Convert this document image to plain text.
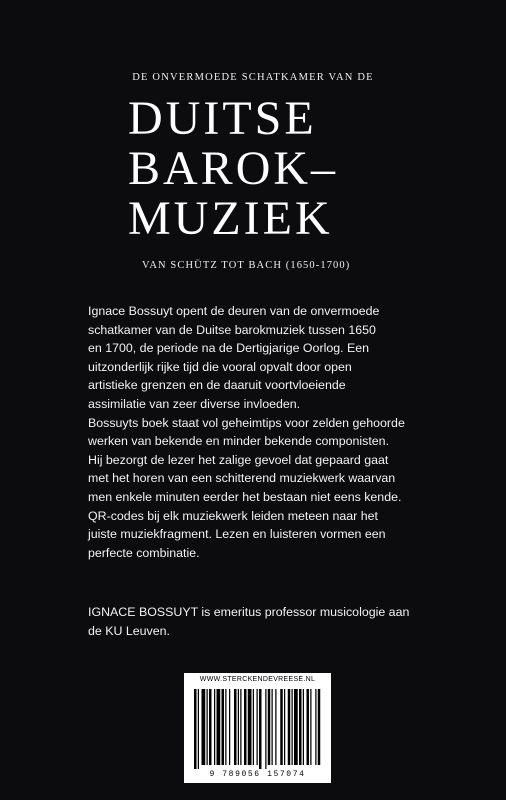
DE ONVERMOEDE SCHATKAMER VAN DE
DUITSE
BAROK–
MUZIEK
VAN SCHÜTZ TOT BACH (1650-1700)
Ignace Bossuyt opent de deuren van de onvermoede
schatkamer van de Duitse barokmuziek tussen 1650
en 1700, de periode na de Dertigjarige Oorlog. Een
uitzonderlijk rijke tijd die vooral opvalt door open
artistieke grenzen en de daaruit voortvloeiende
assimilatie van zeer diverse invloeden.
Bossuyts boek staat vol geheimtips voor zelden gehoorde
werken van bekende en minder bekende componisten.
Hij bezorgt de lezer het zalige gevoel dat gepaard gaat
met het horen van een schitterend muziekwerk waarvan
men enkele minuten eerder het bestaan niet eens kende.
QR-codes bij elk muziekwerk leiden meteen naar het
juiste muziekfragment. Lezen en luisteren vormen een
perfecte combinatie.
IGNACE BOSSUYT is emeritus professor musicologie aan
de KU Leuven.
WWW.STERCKENDEVREESE.NL
9 789056 157074
